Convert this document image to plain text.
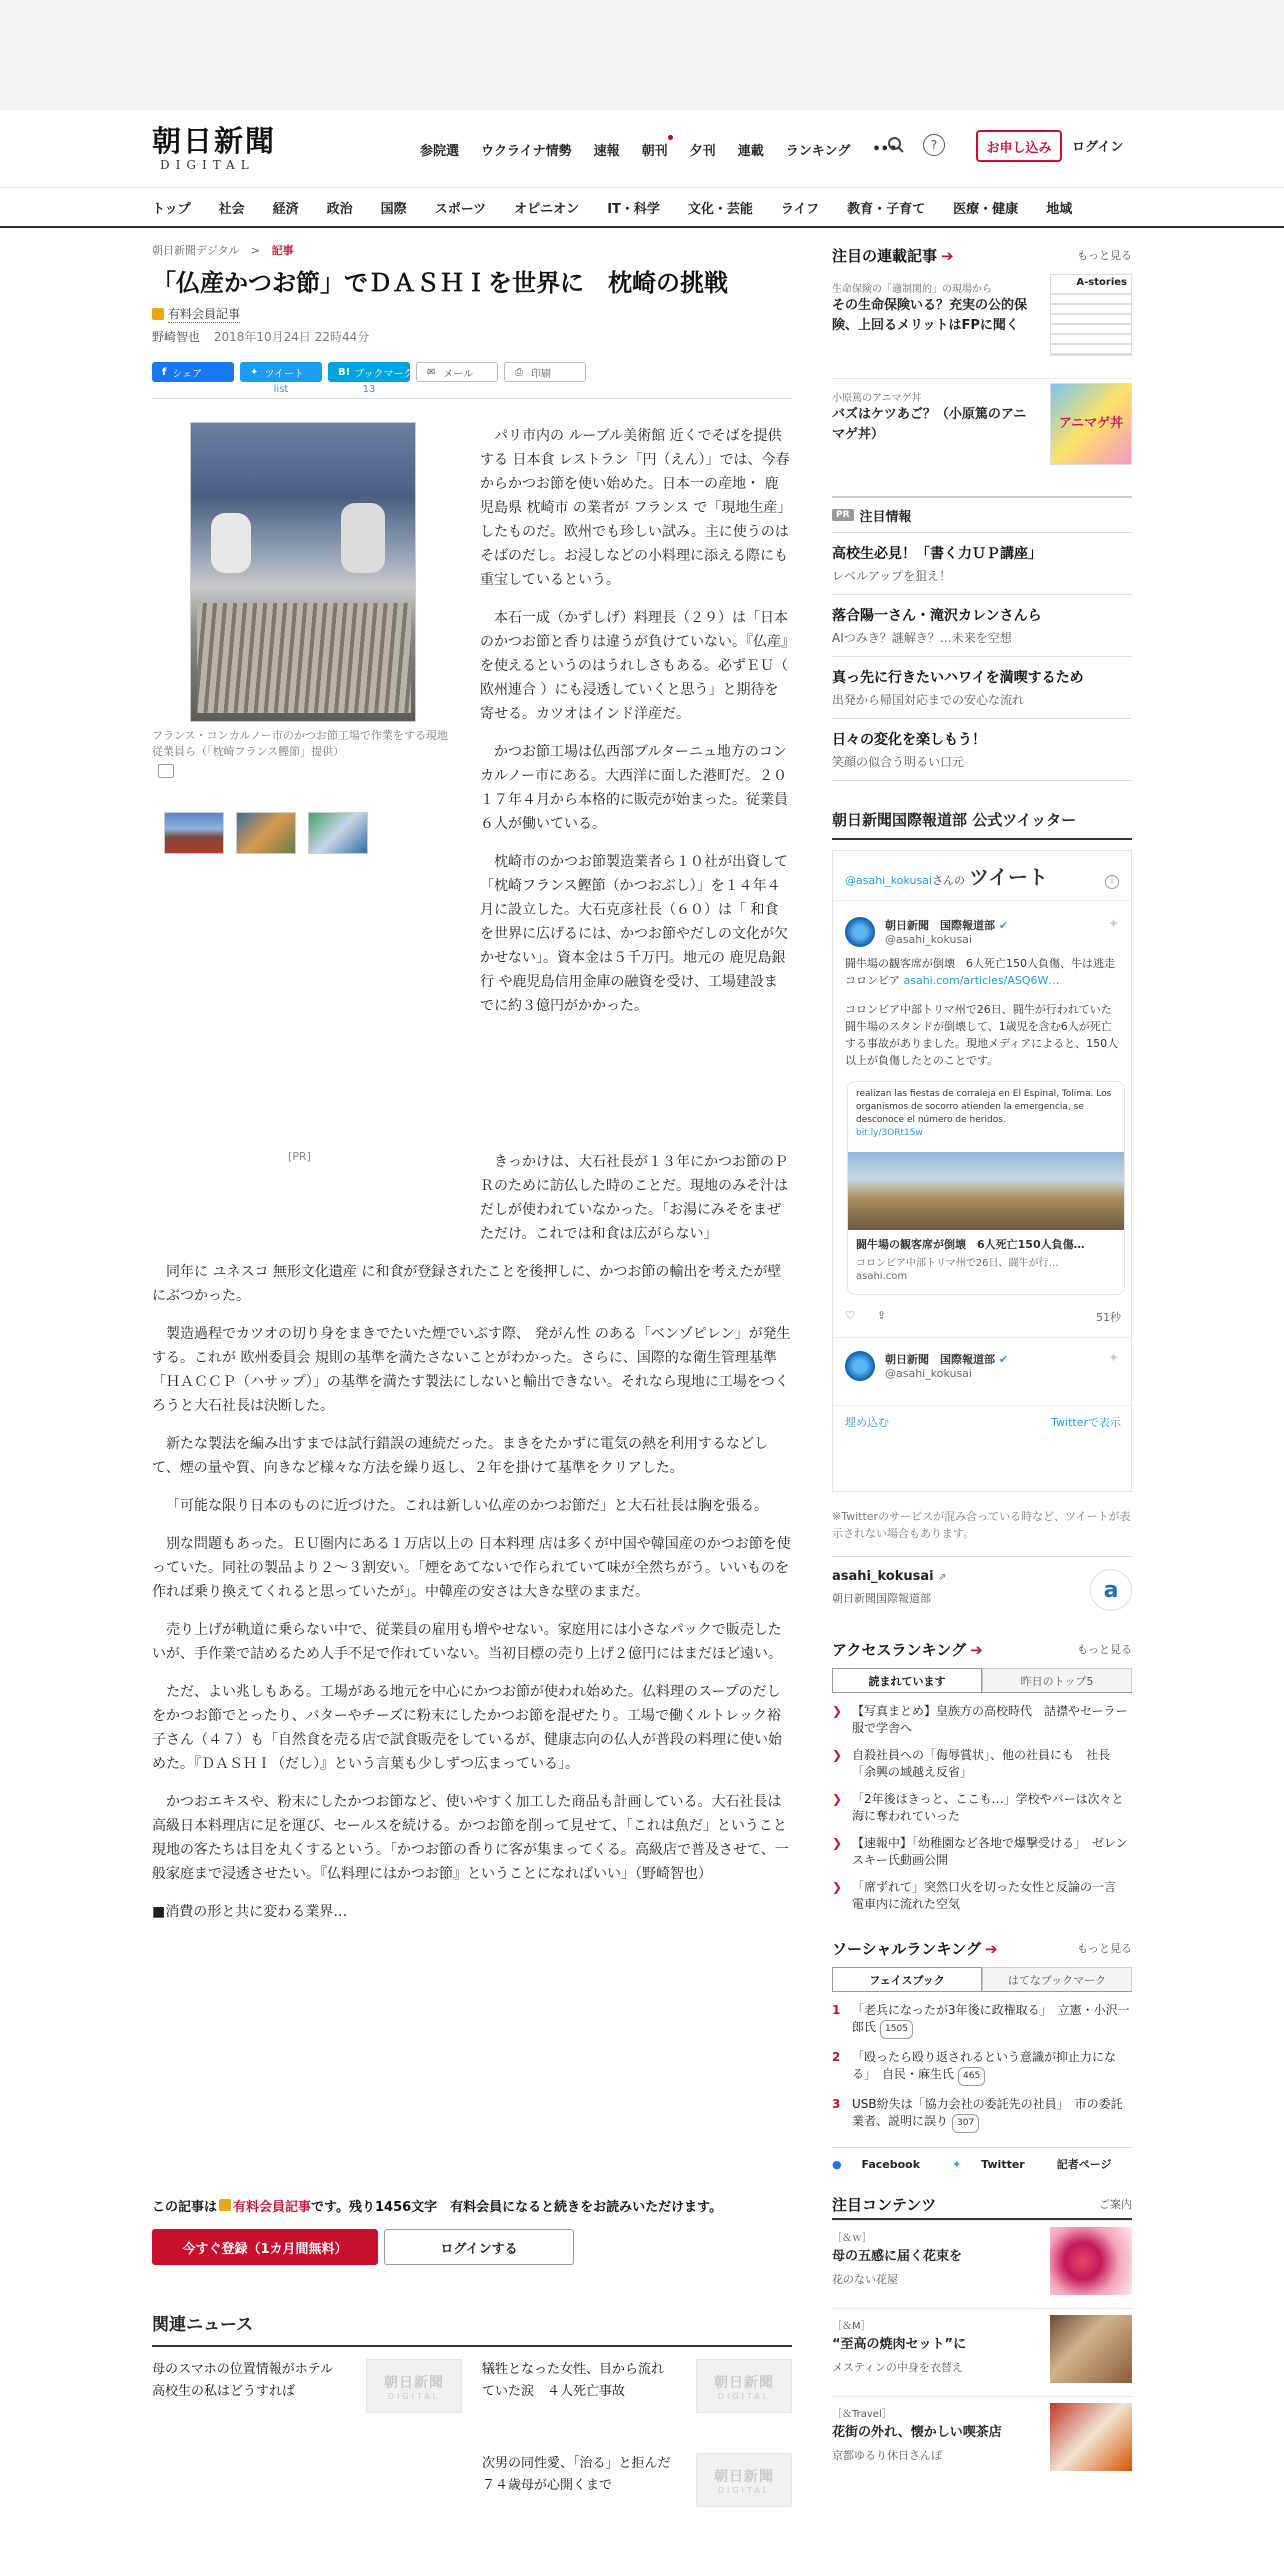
朝日新聞
DIGITAL
参院選 ウクライナ情勢 速報 朝刊 夕刊 連載 ランキング •••	?	お申し込み	ログイン
トップ 社会 経済 政治 国際 スポーツ オピニオン IT・科学 文化・芸能 ライフ 教育・子育て 医療・健康 地域
朝日新聞デジタル > 記事
「仏産かつお節」でＤＡＳＨＩを世界に　枕崎の挑戦
有料会員記事
野崎智也 2018年10月24日 22時44分
f シェア	✦ ツイート
list
B! ブックマーク
13
✉ メール	⎙ 印刷
フランス・コンカルノー市のかつお節工場で作業をする現地従業員ら（「枕崎フランス鰹節」提供）
[PR]

パリ市内の ルーブル美術館 近くでそばを提供する 日本食 レストラン「円（えん）」では、今春からかつお節を使い始めた。日本一の産地・ 鹿児島県 枕崎市 の業者が フランス で「現地生産」したものだ。欧州でも珍しい試み。主に使うのはそばのだし。お浸しなどの小料理に添える際にも重宝しているという。

本石一成（かずしげ）料理長（２９）は「日本のかつお節と香りは違うが負けていない。『仏産』を使えるというのはうれしさもある。必ずＥＵ（ 欧州連合 ）にも浸透していくと思う」と期待を寄せる。カツオはインド洋産だ。

かつお節工場は仏西部ブルターニュ地方のコンカルノー市にある。大西洋に面した港町だ。２０１７年４月から本格的に販売が始まった。従業員６人が働いている。

枕崎市のかつお節製造業者ら１０社が出資して「枕崎フランス鰹節（かつおぶし）」を１４年４月に設立した。大石克彦社長（６０）は「 和食 を世界に広げるには、かつお節やだしの文化が欠かせない」。資本金は５千万円。地元の 鹿児島銀行 や鹿児島信用金庫の融資を受け、工場建設までに約３億円がかかった。

きっかけは、大石社長が１３年にかつお節のＰＲのために訪仏した時のことだ。現地のみそ汁はだしが使われていなかった。「お湯にみそをまぜただけ。これでは和食は広がらない」

同年に ユネスコ 無形文化遺産 に和食が登録されたことを後押しに、かつお節の輸出を考えたが壁にぶつかった。

製造過程でカツオの切り身をまきでたいた煙でいぶす際、 発がん性 のある「ベンゾピレン」が発生する。これが 欧州委員会 規則の基準を満たさないことがわかった。さらに、国際的な衛生管理基準「ＨＡＣＣＰ（ハサップ）」の基準を満たす製法にしないと輸出できない。それなら現地に工場をつくろうと大石社長は決断した。

新たな製法を編み出すまでは試行錯誤の連続だった。まきをたかずに電気の熱を利用するなどして、煙の量や質、向きなど様々な方法を繰り返し、２年を掛けて基準をクリアした。

「可能な限り日本のものに近づけた。これは新しい仏産のかつお節だ」と大石社長は胸を張る。

別な問題もあった。ＥＵ圏内にある１万店以上の 日本料理 店は多くが中国や韓国産のかつお節を使っていた。同社の製品より２～３割安い。「煙をあてないで作られていて味が全然ちがう。いいものを作れば乗り換えてくれると思っていたが」。中韓産の安さは大きな壁のままだ。

売り上げが軌道に乗らない中で、従業員の雇用も増やせない。家庭用には小さなパックで販売したいが、手作業で詰めるため人手不足で作れていない。当初目標の売り上げ２億円にはまだほど遠い。

ただ、よい兆しもある。工場がある地元を中心にかつお節が使われ始めた。仏料理のスープのだしをかつお節でとったり、バターやチーズに粉末にしたかつお節を混ぜたり。工場で働くルトレック裕子さん（４７）も「自然食を売る店で試食販売をしているが、健康志向の仏人が普段の料理に使い始めた。『ＤＡＳＨＩ（だし）』という言葉も少しずつ広まっている」。

かつおエキスや、粉末にしたかつお節など、使いやすく加工した商品も計画している。大石社長は高級日本料理店に足を運び、セールスを続ける。かつお節を削って見せて、「これは魚だ」ということ現地の客たちは目を丸くするという。「かつお節の香りに客が集まってくる。高級店で普及させて、一般家庭まで浸透させたい。『仏料理にはかつお節』ということになればいい」（野崎智也）

■消費の形と共に変わる業界…

この記事は 有料会員記事です。残り1456文字　有料会員になると続きをお読みいただけます。
今すぐ登録（1カ月間無料）	ログインする
関連ニュース
母のスマホの位置情報がホテル　高校生の私はどうすれば
朝日新聞
DIGITAL
犠牲となった女性、目から流れていた涙　４人死亡事故
朝日新聞
DIGITAL
次男の同性愛、「治る」と拒んだ　７４歳母が心開くまで
朝日新聞
DIGITAL
注目の連載記事 ➔	もっと見る
生命保険の「適制関的」の現場から
その生命保険いる？充実の公的保険、上回るメリットはFPに聞く
A-stories
小原篤のアニマゲ丼
バズはケツあご？（小原篤のアニマゲ丼）
アニマゲ丼
PR 注目情報
高校生必見！「書く力ＵＰ講座」
レベルアップを狙え！
落合陽一さん・滝沢カレンさんら
AIつみき？謎解き？…未来を空想
真っ先に行きたいハワイを満喫するため
出発から帰国対応までの安心な流れ
日々の変化を楽しもう！
笑顔の似合う明るい口元
朝日新聞国際報道部 公式ツイッター
@asahi_kokusai さんの ツイート	i
朝日新聞　国際報道部 ✔
@asahi_kokusai
✦
闘牛場の観客席が倒壊　6人死亡150人負傷、牛は逃走　コロンビア asahi.com/articles/ASQ6W…
コロンビア中部トリマ州で26日、闘牛が行われていた闘牛場のスタンドが倒壊して、1歳児を含む6人が死亡する事故がありました。現地メディアによると、150人以上が負傷したとのことです。
realizan las fiestas de corraleja en El Espinal, Tolima. Los organismos de socorro atienden la emergencia, se desconoce el número de heridos.
bit.ly/3ORt15w
闘牛場の観客席が倒壊　6人死亡150人負傷…
コロンビア中部トリマ州で26日、闘牛が行…
asahi.com
♡ ⇪	51秒
朝日新聞　国際報道部 ✔
@asahi_kokusai
✦
埋め込む	Twitterで表示
※Twitterのサービスが混み合っている時など、ツイートが表示されない場合もあります。
asahi_kokusai ⇗
朝日新聞国際報道部	a
アクセスランキング ➔	もっと見る
読まれています	昨日のトップ5
❯ 【写真まとめ】皇族方の高校時代　詰襟やセーラー服で学舎へ
❯ 自殺社員への「侮辱賞状」、他の社員にも　社長「余興の域越え反省」
❯ 「2年後はきっと、ここも…」学校やバーは次々と海に奪われていった
❯ 【速報中】「幼稚園など各地で爆撃受ける」　ゼレンスキー氏動画公開
❯ 「席ずれて」突然口火を切った女性と反論の一言　電車内に流れた空気
ソーシャルランキング ➔	もっと見る
フェイスブック	はてなブックマーク
1 「老兵になったが3年後に政権取る」　立憲・小沢一郎氏 1505
2 「殴ったら殴り返されるという意識が抑止力になる」　自民・麻生氏 465
3 USB紛失は「協力会社の委託先の社員」　市の委託業者、説明に誤り 307
● Facebook	✦ Twitter	記者ページ
注目コンテンツ	ご案内
［＆ｗ］
母の五感に届く花束を
花のない花屋
［＆M］
“至高の焼肉セット”に
メスティンの中身を衣替え
［＆Travel］
花街の外れ、懐かしい喫茶店
京都ゆるり休日さんぽ
